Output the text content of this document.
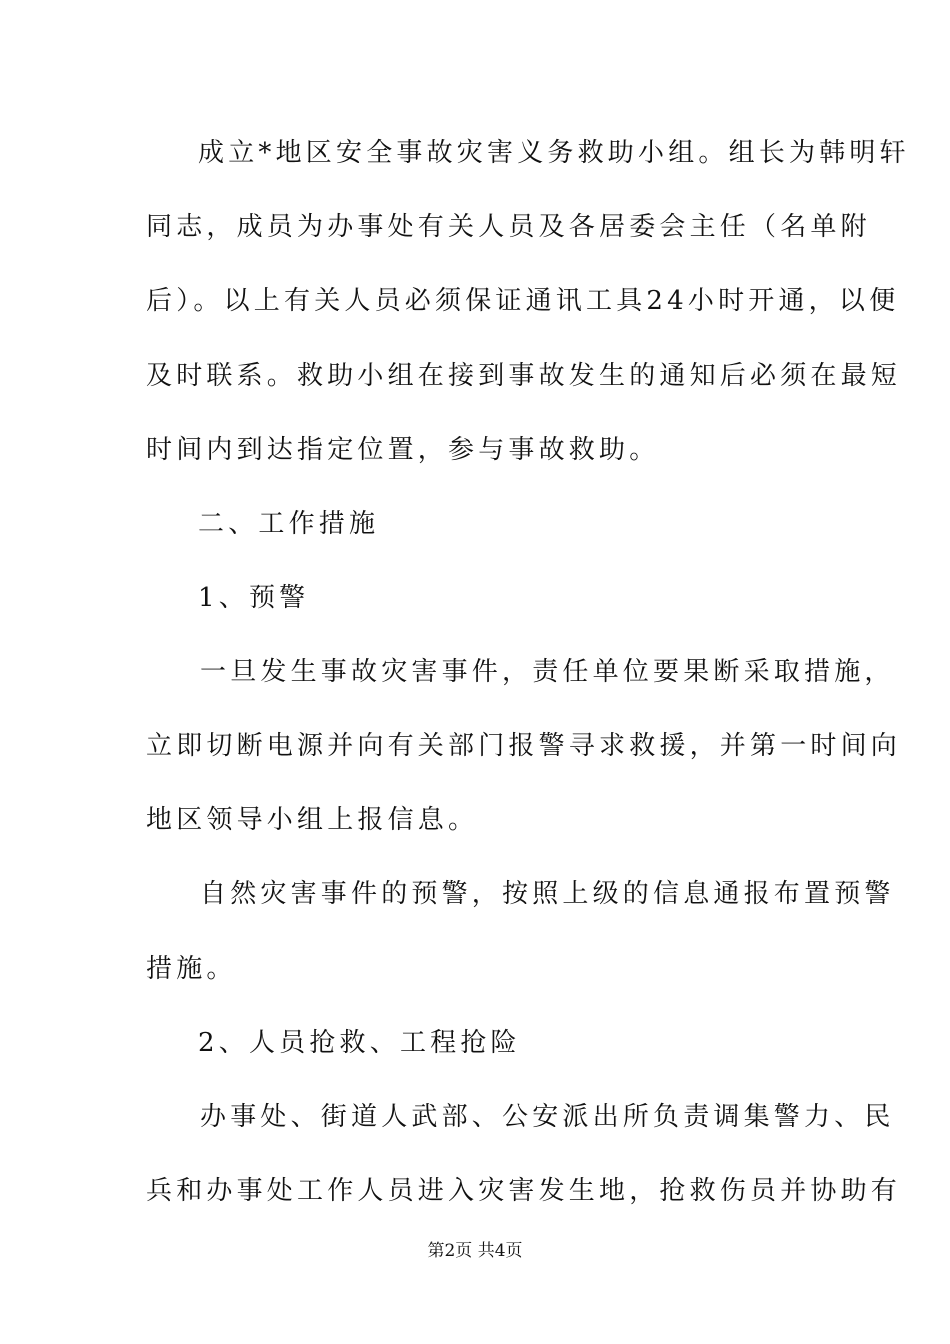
成立*地区安全事故灾害义务救助小组。组长为韩明轩
同志，成员为办事处有关人员及各居委会主任（名单附
后）。以上有关人员必须保证通讯工具24小时开通，以便
及时联系。救助小组在接到事故发生的通知后必须在最短
时间内到达指定位置，参与事故救助。
二、工作措施
1、预警
一旦发生事故灾害事件，责任单位要果断采取措施，
立即切断电源并向有关部门报警寻求救援，并第一时间向
地区领导小组上报信息。
自然灾害事件的预警，按照上级的信息通报布置预警
措施。
2、人员抢救、工程抢险
办事处、街道人武部、公安派出所负责调集警力、民
兵和办事处工作人员进入灾害发生地，抢救伤员并协助有
第2页 共4页
